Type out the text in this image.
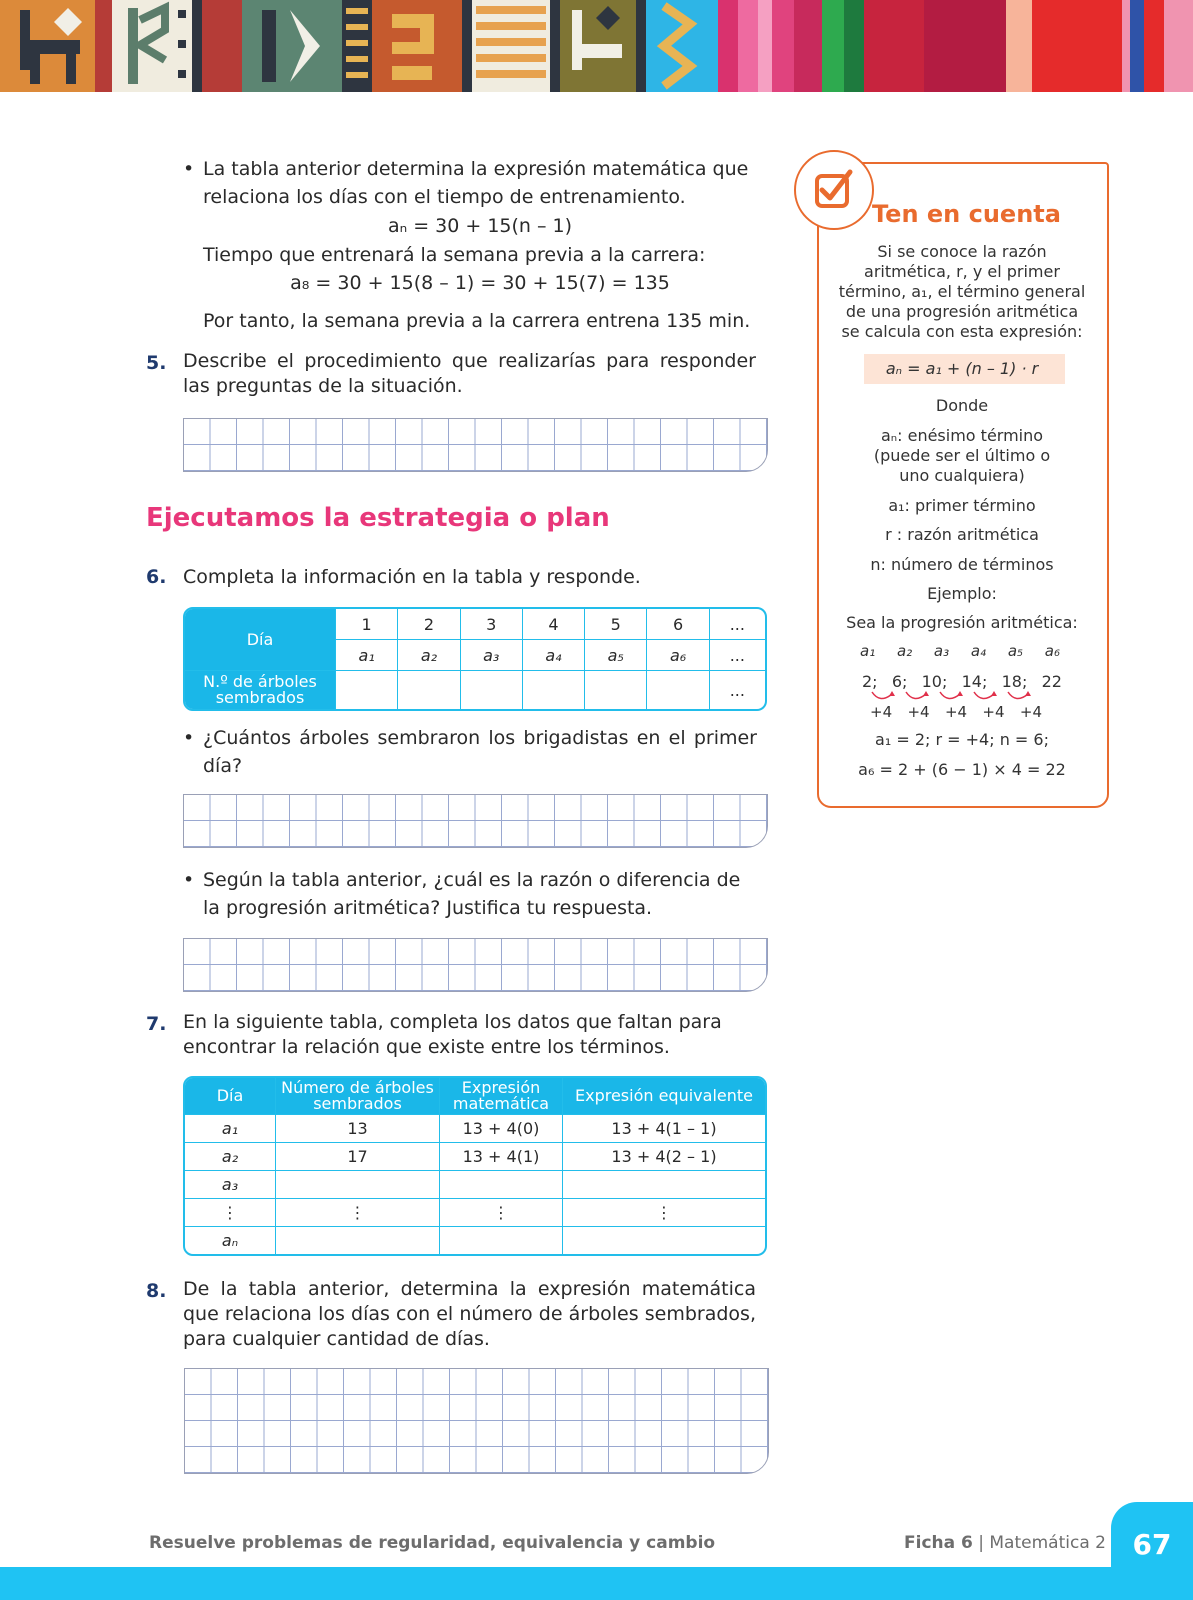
• La tabla anterior determina la expresión matemática que relaciona los días con el tiempo de entrenamiento.
aₙ = 30 + 15(n – 1)
Tiempo que entrenará la semana previa a la carrera:
a₈ = 30 + 15(8 – 1) = 30 + 15(7) = 135
Por tanto, la semana previa a la carrera entrena 135 min.
5. Describe el procedimiento que realizarías para responder las preguntas de la situación.
Ejecutamos la estrategia o plan
6. Completa la información en la tabla y responde.
Día	1	2	3	4	5	6	...
	a₁	a₂	a₃	a₄	a₅	a₆	...
N.º de árboles sembrados							...
• ¿Cuántos árboles sembraron los brigadistas en el primer día?
• Según la tabla anterior, ¿cuál es la razón o diferencia de la progresión aritmética? Justifica tu respuesta.
7. En la siguiente tabla, completa los datos que faltan para encontrar la relación que existe entre los términos.
Día	Número de árboles sembrados	Expresión matemática	Expresión equivalente
a₁	13	13 + 4(0)	13 + 4(1 – 1)
a₂	17	13 + 4(1)	13 + 4(2 – 1)
a₃			
⋮	⋮	⋮	⋮
aₙ			
8. De la tabla anterior, determina la expresión matemática que relaciona los días con el número de árboles sembrados, para cualquier cantidad de días.
Ten en cuenta
Si se conoce la razón aritmética, r, y el primer término, a₁, el término general de una progresión aritmética se calcula con esta expresión:
aₙ = a₁ + (n – 1) · r
Donde
aₙ: enésimo término (puede ser el último o uno cualquiera)
a₁: primer término
r : razón aritmética
n: número de términos
Ejemplo:
Sea la progresión aritmética:
a₁ a₂ a₃ a₄ a₅ a₆
2; 6; 10; 14; 18; 22
+4 +4 +4 +4 +4
a₁ = 2; r = +4; n = 6;
a₆ = 2 + (6 − 1) × 4 = 22
Resuelve problemas de regularidad, equivalencia y cambio	Ficha 6 | Matemática 2 67
